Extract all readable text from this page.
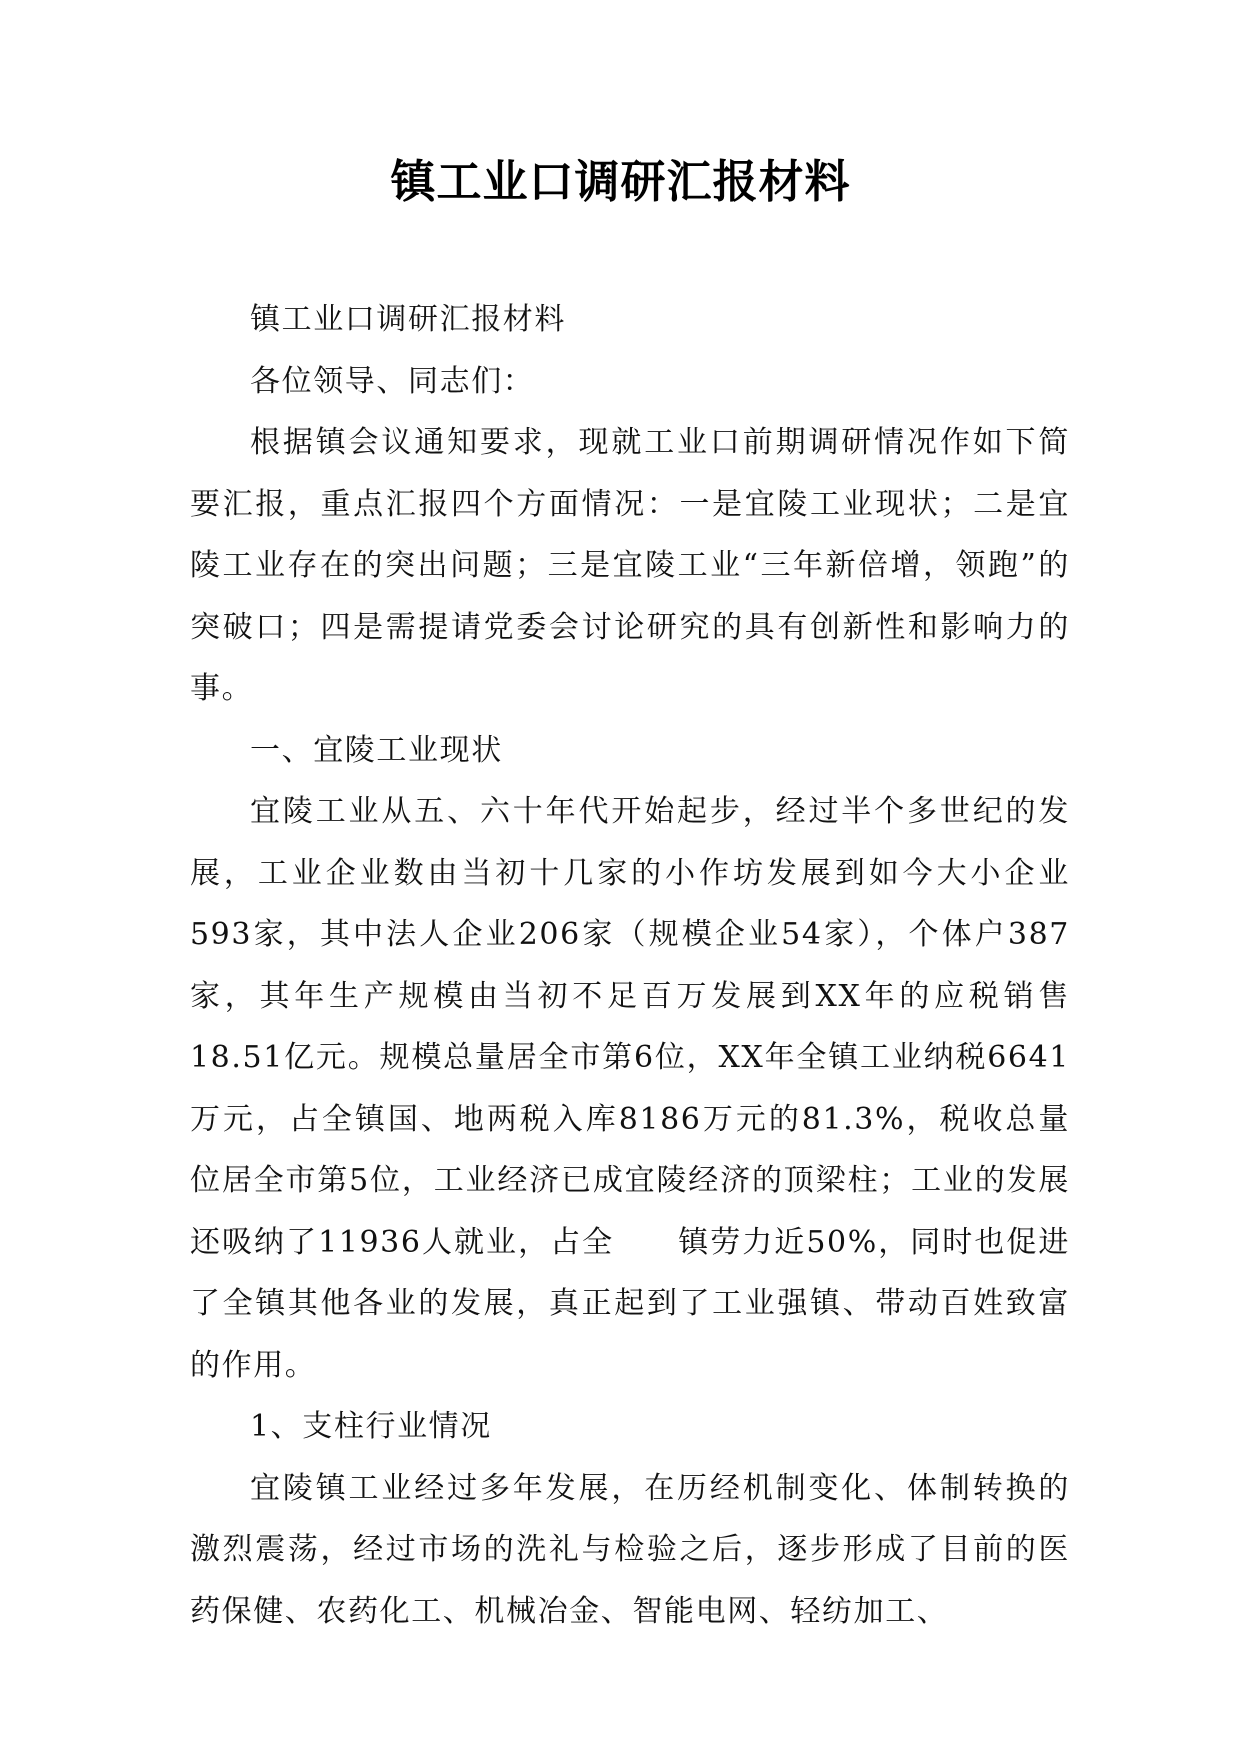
镇工业口调研汇报材料

镇工业口调研汇报材料

各位领导、同志们：

根据镇会议通知要求，现就工业口前期调研情况作如下简要汇报，重点汇报四个方面情况：一是宜陵工业现状；二是宜陵工业存在的突出问题；三是宜陵工业“三年新倍增，领跑”的突破口；四是需提请党委会讨论研究的具有创新性和影响力的事。

一、宜陵工业现状

宜陵工业从五、六十年代开始起步，经过半个多世纪的发展，工业企业数由当初十几家的小作坊发展到如今大小企业593家，其中法人企业206家（规模企业54家），个体户387家，其年生产规模由当初不足百万发展到XX年的应税销售18.51亿元。规模总量居全市第6位，XX年全镇工业纳税6641万元，占全镇国、地两税入库8186万元的81.3%，税收总量位居全市第5位，工业经济已成宜陵经济的顶梁柱；工业的发展还吸纳了11936人就业，占全　　镇劳力近50%，同时也促进了全镇其他各业的发展，真正起到了工业强镇、带动百姓致富的作用。

1、支柱行业情况

宜陵镇工业经过多年发展，在历经机制变化、体制转换的激烈震荡，经过市场的洗礼与检验之后，逐步形成了目前的医药保健、农药化工、机械冶金、智能电网、轻纺加工、
